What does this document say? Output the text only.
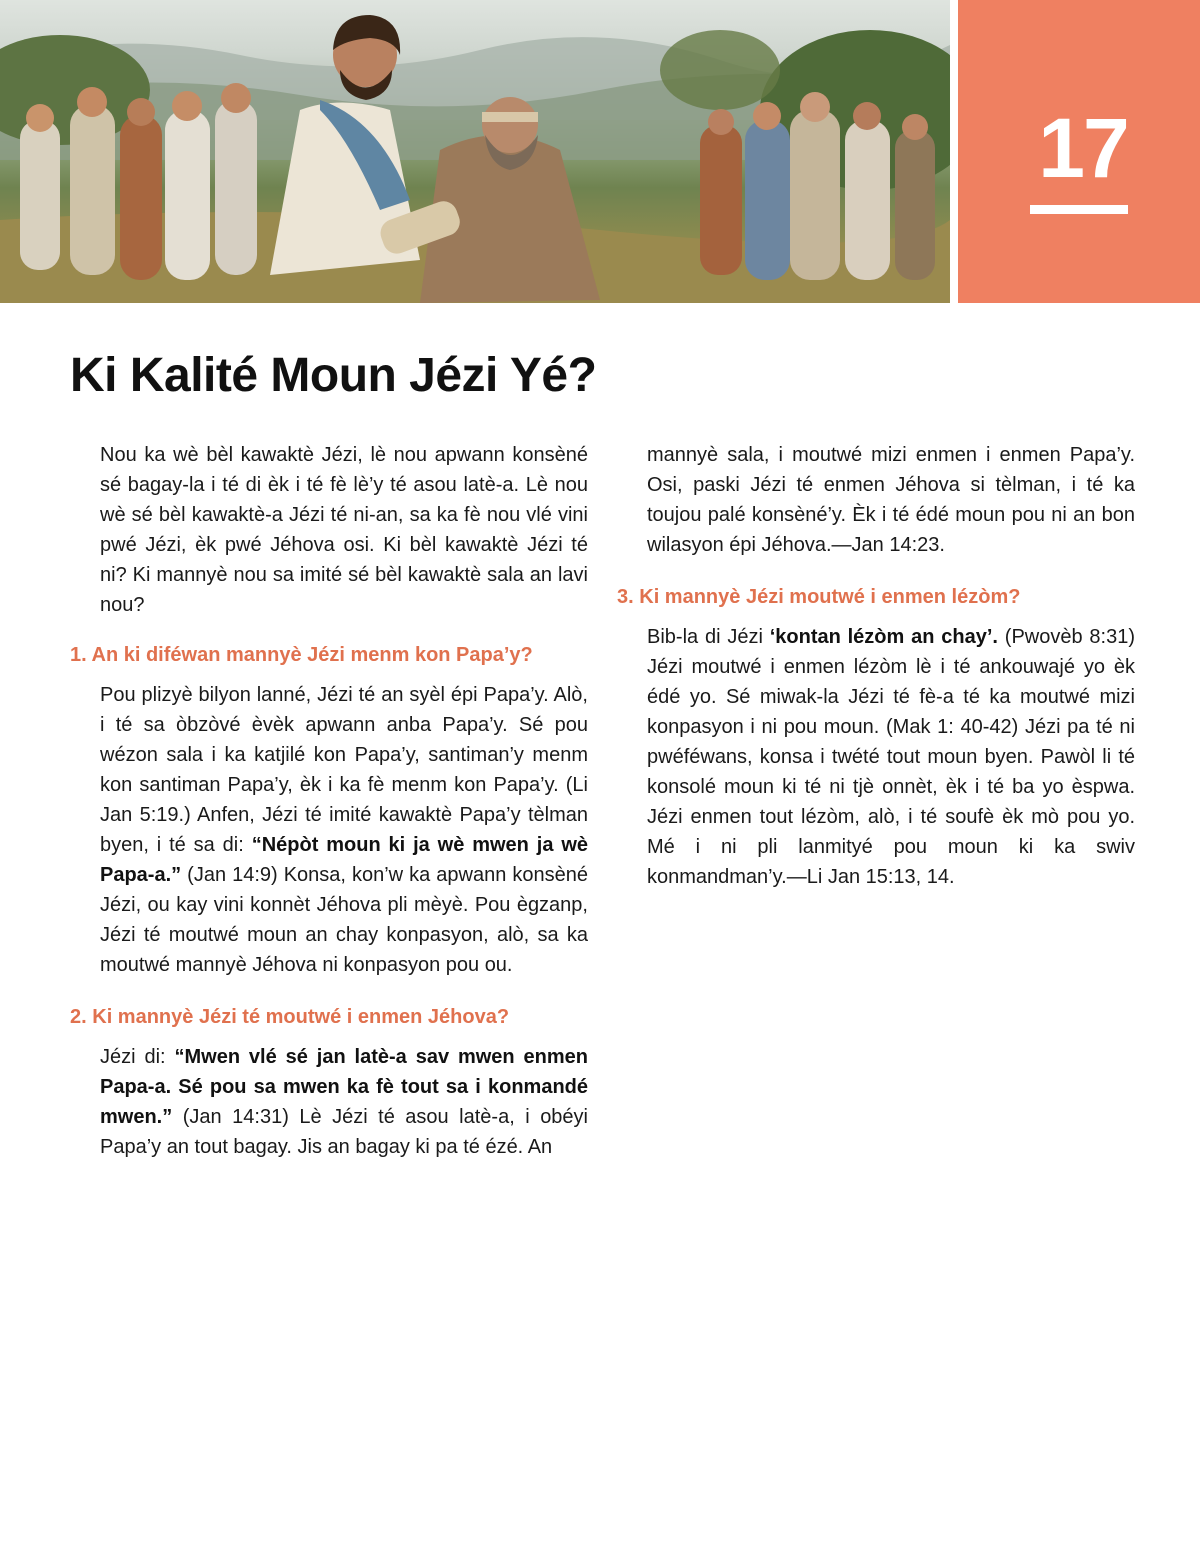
17
Ki Kalité Moun Jézi Yé?

Nou ka wè bèl kawaktè Jézi, lè nou apwann konsèné sé bagay-la i té di èk i té fè lè’y té asou latè-a. Lè nou wè sé bèl kawaktè-a Jézi té ni-an, sa ka fè nou vlé vini pwé Jézi, èk pwé Jéhova osi. Ki bèl kawaktè Jézi té ni? Ki mannyè nou sa imité sé bèl kawaktè sala an lavi nou?

1. An ki diféwan mannyè Jézi menm kon Papa’y?

Pou plizyè bilyon lanné, Jézi té an syèl épi Papa’y. Alò, i té sa òbzòvé èvèk apwann anba Papa’y. Sé pou wézon sala i ka katjilé kon Papa’y, santiman’y menm kon santiman Papa’y, èk i ka fè menm kon Papa’y. (Li Jan 5:19.) Anfen, Jézi té imité kawaktè Papa’y tèlman byen, i té sa di: “Népòt moun ki ja wè mwen ja wè Papa-a.” (Jan 14:9) Konsa, kon’w ka apwann konsèné Jézi, ou kay vini konnèt Jéhova pli mèyè. Pou ègzanp, Jézi té moutwé moun an chay konpasyon, alò, sa ka moutwé mannyè Jéhova ni konpasyon pou ou.

2. Ki mannyè Jézi té moutwé i enmen Jéhova?

Jézi di: “Mwen vlé sé jan latè-a sav mwen enmen Papa-a. Sé pou sa mwen ka fè tout sa i konmandé mwen.” (Jan 14:31) Lè Jézi té asou latè-a, i obéyi Papa’y an tout bagay. Jis an bagay ki pa té ézé. An

mannyè sala, i moutwé mizi enmen i enmen Papa’y. Osi, paski Jézi té enmen Jéhova si tèlman, i té ka toujou palé konsèné’y. Èk i té édé moun pou ni an bon wilasyon épi Jéhova.—Jan 14:23.

3. Ki mannyè Jézi moutwé i enmen lézòm?

Bib-la di Jézi ‘kontan lézòm an chay’. (Pwovèb 8:31) Jézi moutwé i enmen lézòm lè i té ankouwajé yo èk édé yo. Sé miwak-la Jézi té fè-a té ka moutwé mizi konpasyon i ni pou moun. (Mak 1: 40-42) Jézi pa té ni pwéféwans, konsa i twété tout moun byen. Pawòl li té konsolé moun ki té ni tjè onnèt, èk i té ba yo èspwa. Jézi enmen tout lézòm, alò, i té soufè èk mò pou yo. Mé i ni pli lanmityé pou moun ki ka swiv konmandman’y.—Li Jan 15:13, 14.
